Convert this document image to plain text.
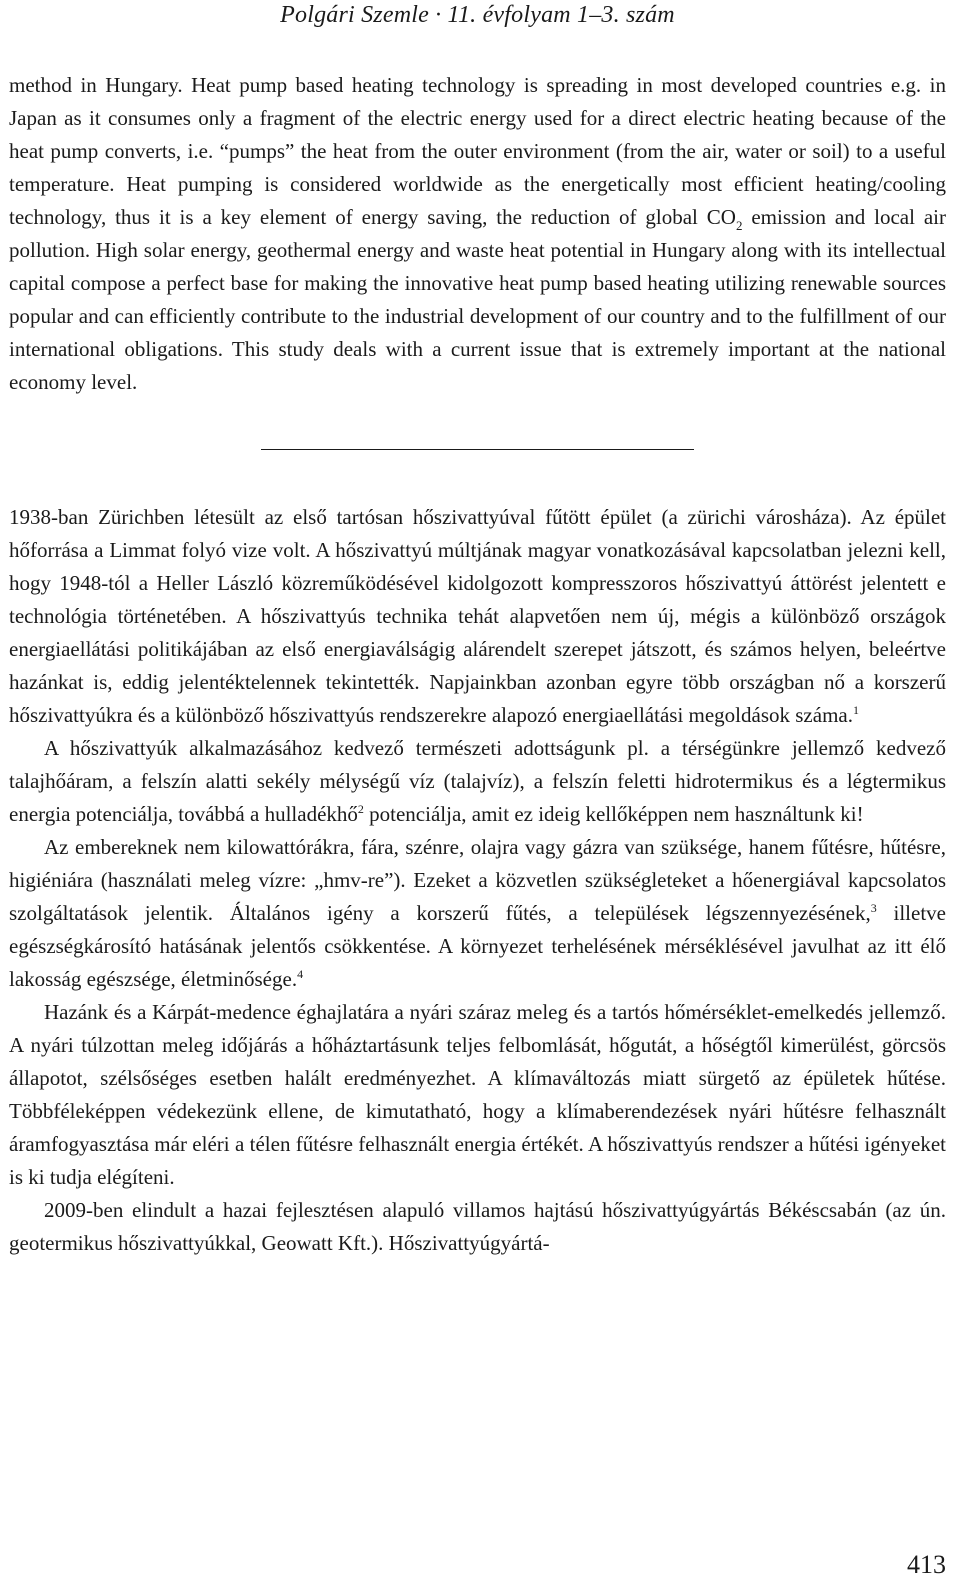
Polgári Szemle · 11. évfolyam 1–3. szám

method in Hungary. Heat pump based heating technology is spreading in most developed countries e.g. in Japan as it consumes only a fragment of the electric energy used for a direct electric heating because of the heat pump converts, i.e. “pumps” the heat from the outer environment (from the air, water or soil) to a useful temperature. Heat pumping is considered worldwide as the energetically most efficient heating/cooling technology, thus it is a key element of energy saving, the reduction of global $CO_2$ emission and local air pollution. High solar energy, geothermal energy and waste heat potential in Hungary along with its intellectual capital compose a perfect base for making the innovative heat pump based heating utilizing renewable sources popular and can efficiently contribute to the industrial development of our country and to the fulfillment of our international obligations. This study deals with a current issue that is extremely important at the national economy level.

1938-ban Zürichben létesült az első tartósan hőszivattyúval fűtött épület (a zürichi városháza). Az épület hőforrása a Limmat folyó vize volt. A hőszivattyú múltjának magyar vonatkozásával kapcsolatban jelezni kell, hogy 1948-tól a Heller László közreműködésével kidolgozott kompresszoros hőszivattyú áttörést jelentett e technológia történetében. A hőszivattyús technika tehát alapvetően nem új, mégis a különböző országok energiaellátási politikájában az első energiaválságig alárendelt szerepet játszott, és számos helyen, beleértve hazánkat is, eddig jelentéktelennek tekintették. Napjainkban azonban egyre több országban nő a korszerű hőszivattyúkra és a különböző hőszivattyús rendszerekre alapozó energiaellátási megoldások száma.$^1$

A hőszivattyúk alkalmazásához kedvező természeti adottságunk pl. a térségünkre jellemző kedvező talajhőáram, a felszín alatti sekély mélységű víz (talajvíz), a felszín feletti hidrotermikus és a légtermikus energia potenciálja, továbbá a hulladékhő$^2$ potenciálja, amit ez ideig kellőképpen nem használtunk ki!

Az embereknek nem kilowattórákra, fára, szénre, olajra vagy gázra van szüksége, hanem fűtésre, hűtésre, higiéniára (használati meleg vízre: „hmv-re”). Ezeket a közvetlen szükségleteket a hőenergiával kapcsolatos szolgáltatások jelentik. Általános igény a korszerű fűtés, a települések légszennyezésének,$^3$ illetve egészségkárosító hatásának jelentős csökkentése. A környezet terhelésének mérséklésével javulhat az itt élő lakosság egészsége, életminősége.$^4$

Hazánk és a Kárpát-medence éghajlatára a nyári száraz meleg és a tartós hőmérséklet-emelkedés jellemző. A nyári túlzottan meleg időjárás a hőháztartásunk teljes felbomlását, hőgutát, a hőségtől kimerülést, görcsös állapotot, szélsőséges esetben halált eredményezhet. A klímaváltozás miatt sürgető az épületek hűtése. Többféleképpen védekezünk ellene, de kimutatható, hogy a klímaberendezések nyári hűtésre felhasznált áramfogyasztása már eléri a télen fűtésre felhasznált energia értékét. A hőszivattyús rendszer a hűtési igényeket is ki tudja elégíteni.

2009-ben elindult a hazai fejlesztésen alapuló villamos hajtású hőszivattyúgyártás Békéscsabán (az ún. geotermikus hőszivattyúkkal, Geowatt Kft.). Hőszivattyúgyártá-

413
